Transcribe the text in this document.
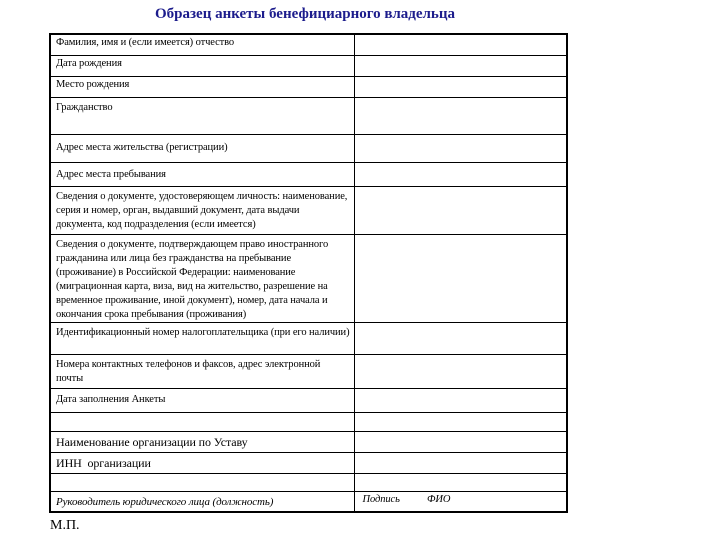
Образец анкеты бенефициарного владельца
Фамилия, имя и (если имеется) отчество	
Дата рождения	
Место рождения	
Гражданство	
Адрес места жительства (регистрации)	
Адрес места пребывания	
Сведения о документе, удостоверяющем личность: наименование, серия и номер, орган, выдавший документ, дата выдачи документа, код подразделения (если имеется)	
Сведения о документе, подтверждающем право иностранного гражданина или лица без гражданства на пребывание (проживание) в Российской Федерации: наименование (миграционная карта, виза, вид на жительство, разрешение на временное проживание, иной документ), номер, дата начала и окончания срока пребывания (проживания)	
Идентификационный номер налогоплательщика (при его наличии)	
Номера контактных телефонов и факсов, адрес электронной почты	
Дата заполнения Анкеты	

Наименование организации по Уставу	
ИНН  организации	

Руководитель юридического лица (должность)	Подпись ФИО
М.П.
